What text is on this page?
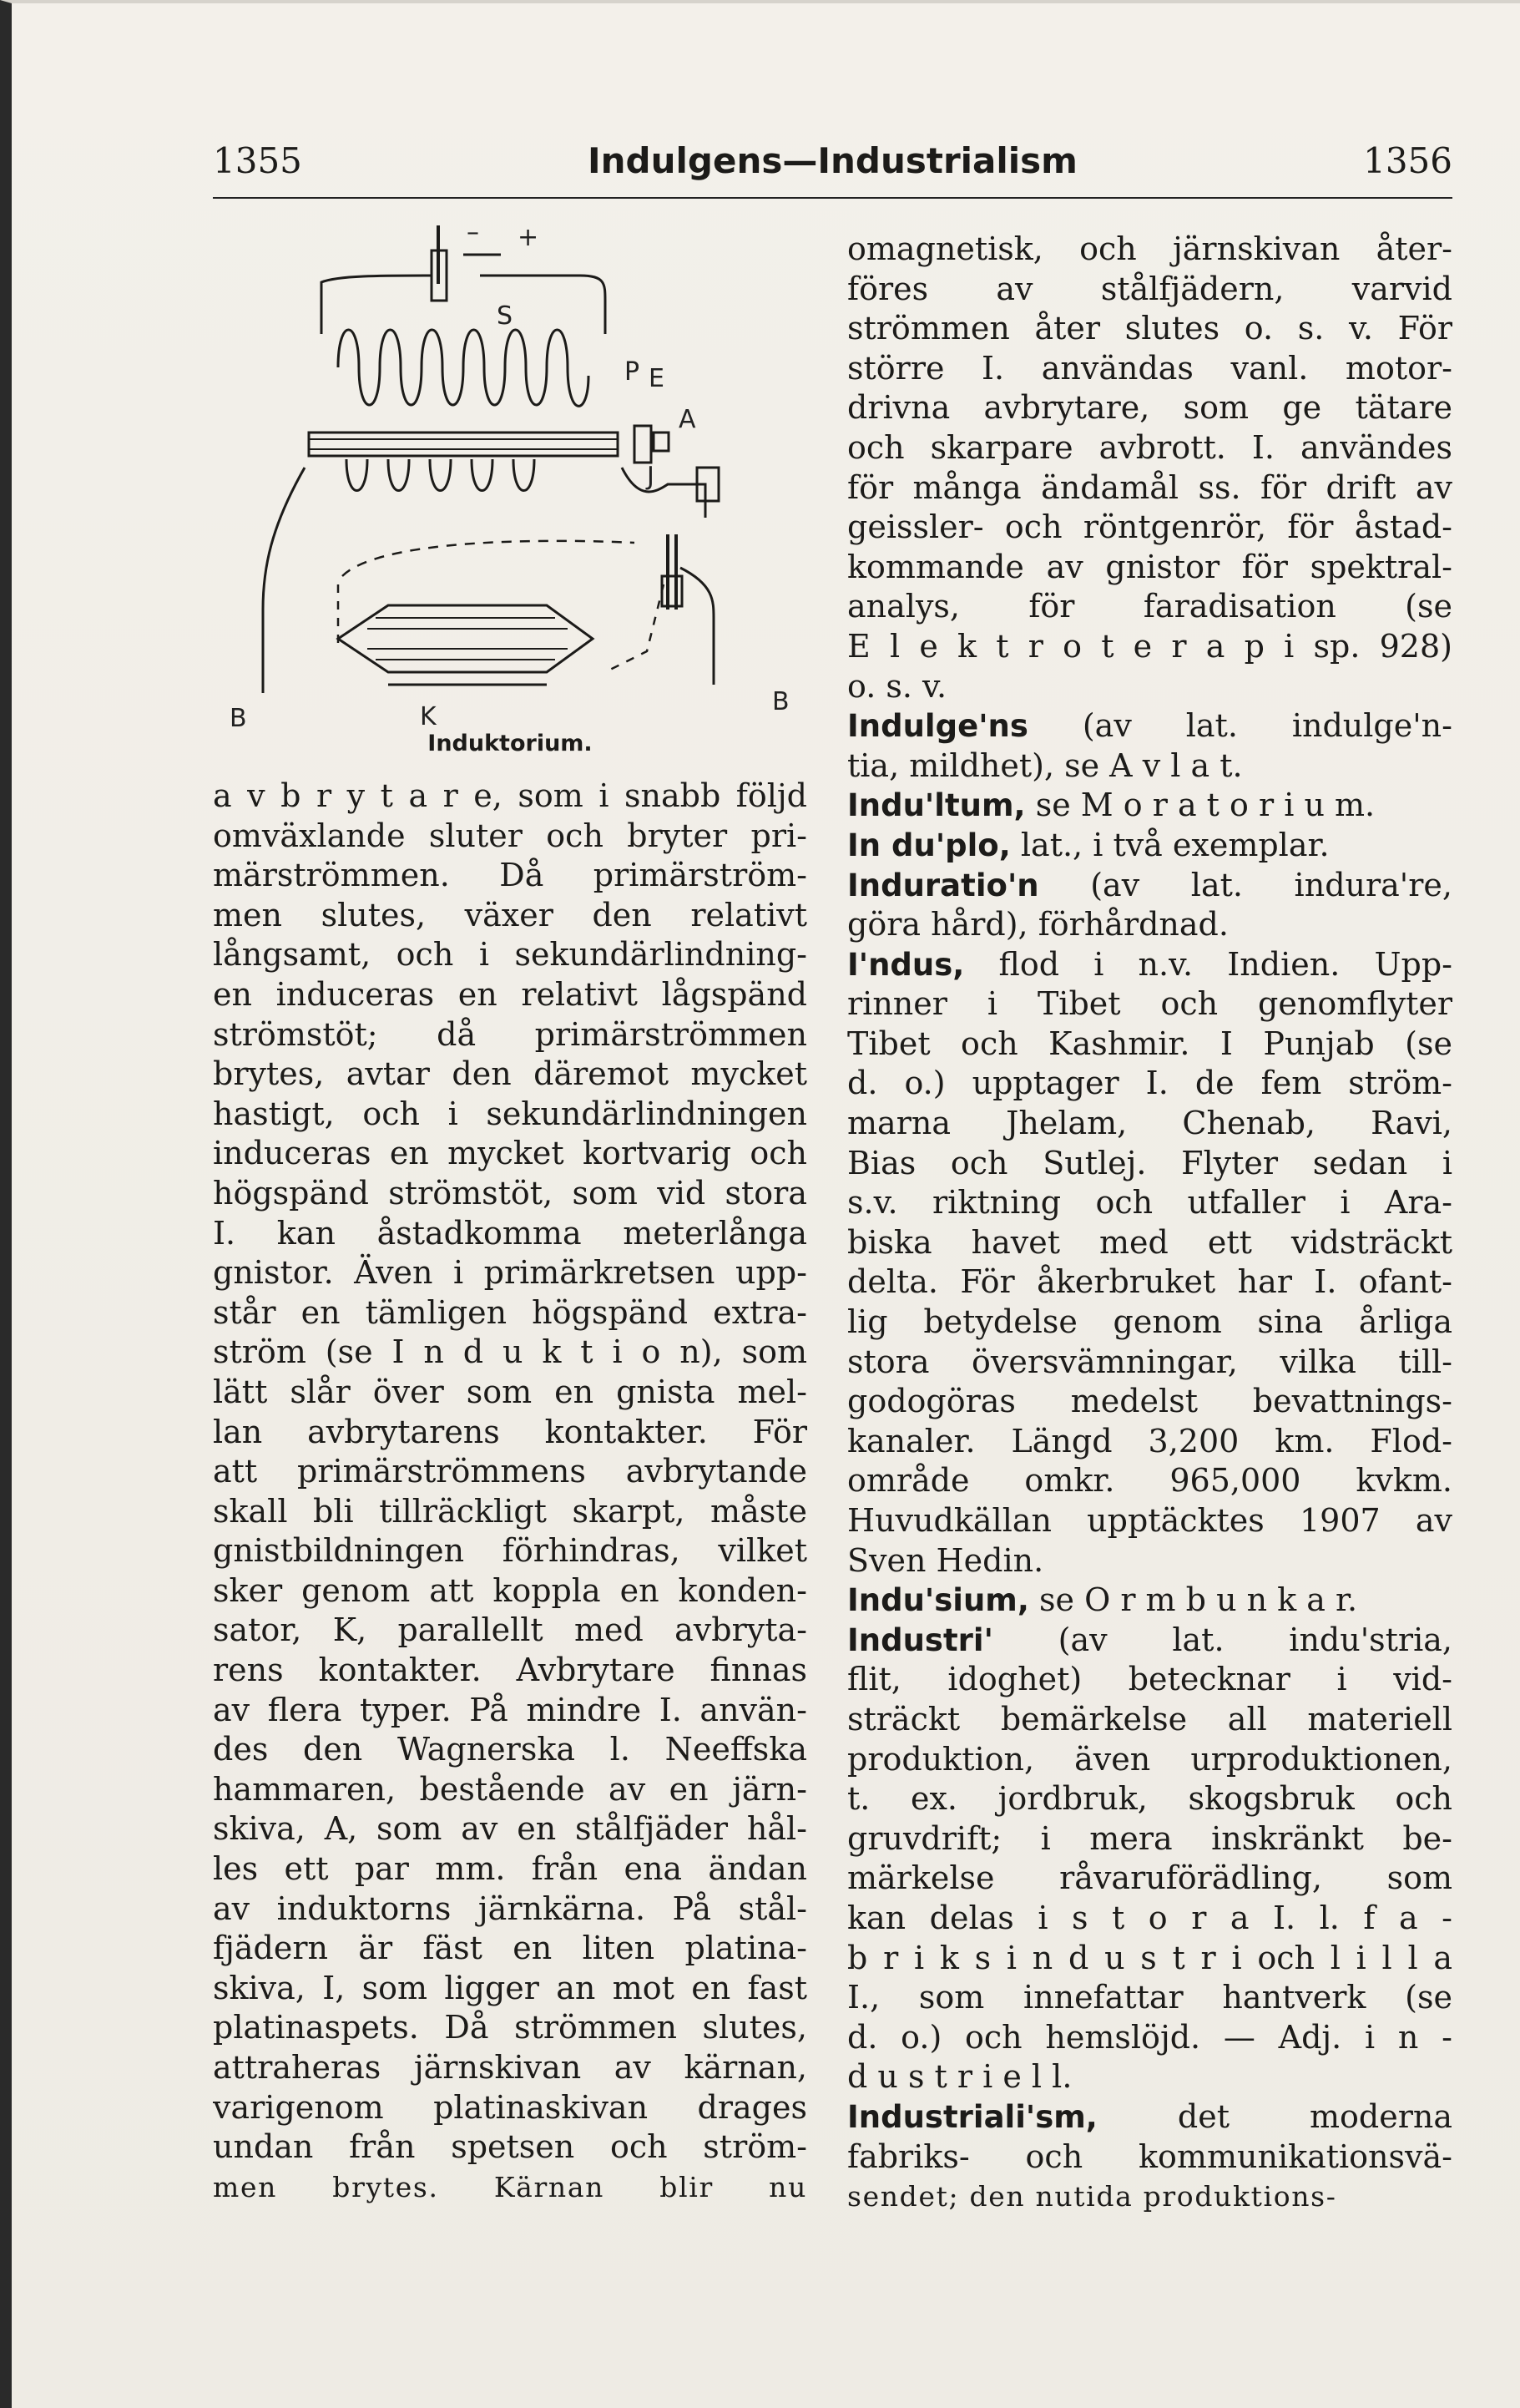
1355	Indulgens—Industrialism	1356
– +
S
P E
A
J
B	K
B
Induktorium.
a v b r y t a r e, som i snabb följd
omväxlande sluter och bryter pri-
märströmmen. Då primärström-
men slutes, växer den relativt
långsamt, och i sekundärlindning-
en induceras en relativt lågspänd
strömstöt; då primärströmmen
brytes, avtar den däremot mycket
hastigt, och i sekundärlindningen
induceras en mycket kortvarig och
högspänd strömstöt, som vid stora
I. kan åstadkomma meterlånga
gnistor. Även i primärkretsen upp-
står en tämligen högspänd extra-
ström (se I n d u k t i o n), som
lätt slår över som en gnista mel-
lan avbrytarens kontakter. För
att primärströmmens avbrytande
skall bli tillräckligt skarpt, måste
gnistbildningen förhindras, vilket
sker genom att koppla en konden-
sator, K, parallellt med avbryta-
rens kontakter. Avbrytare finnas
av flera typer. På mindre I. använ-
des den Wagnerska l. Neeffska
hammaren, bestående av en järn-
skiva, A, som av en stålfjäder hål-
les ett par mm. från ena ändan
av induktorns järnkärna. På stål-
fjädern är fäst en liten platina-
skiva, I, som ligger an mot en fast
platinaspets. Då strömmen slutes,
attraheras järnskivan av kärnan,
varigenom platinaskivan drages
undan från spetsen och ström-
men brytes. Kärnan blir nu
omagnetisk, och järnskivan åter-
föres av stålfjädern, varvid
strömmen åter slutes o. s. v. För
större I. användas vanl. motor-
drivna avbrytare, som ge tätare
och skarpare avbrott. I. användes
för många ändamål ss. för drift av
geissler- och röntgenrör, för åstad-
kommande av gnistor för spektral-
analys, för faradisation (se
E l e k t r o t e r a p i sp. 928)
o. s. v.
Indulge'ns (av lat. indulge'n-
tia, mildhet), se A v l a t.
Indu'ltum, se M o r a t o r i u m.
In du'plo, lat., i två exemplar.
Induratio'n (av lat. indura're,
göra hård), förhårdnad.
I'ndus, flod i n.v. Indien. Upp-
rinner i Tibet och genomflyter
Tibet och Kashmir. I Punjab (se
d. o.) upptager I. de fem ström-
marna Jhelam, Chenab, Ravi,
Bias och Sutlej. Flyter sedan i
s.v. riktning och utfaller i Ara-
biska havet med ett vidsträckt
delta. För åkerbruket har I. ofant-
lig betydelse genom sina årliga
stora översvämningar, vilka till-
godogöras medelst bevattnings-
kanaler. Längd 3,200 km. Flod-
område omkr. 965,000 kvkm.
Huvudkällan upptäcktes 1907 av
Sven Hedin.
Indu'sium, se O r m b u n k a r.
Industri' (av lat. indu'stria,
flit, idoghet) betecknar i vid-
sträckt bemärkelse all materiell
produktion, även urproduktionen,
t. ex. jordbruk, skogsbruk och
gruvdrift; i mera inskränkt be-
märkelse råvaruförädling, som
kan delas i s t o r a I. l. f a -
b r i k s i n d u s t r i och l i l l a
I., som innefattar hantverk (se
d. o.) och hemslöjd. — Adj. i n -
d u s t r i e l l.
Industriali'sm,	det moderna
fabriks- och kommunikationsvä-
sendet; den nutida produktions-
